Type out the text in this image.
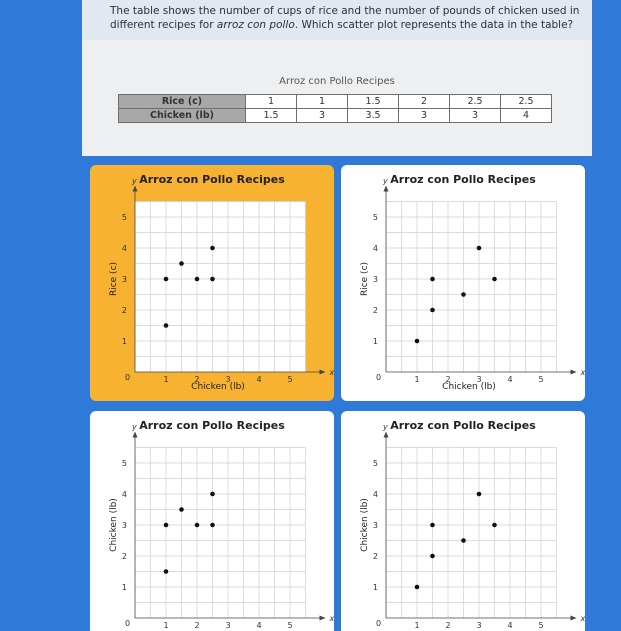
The table shows the number of cups of rice and the number of pounds of chicken used in different recipes for arroz con pollo. Which scatter plot represents the data in the table?
Arroz con Pollo Recipes
Rice (c)	1	1	1.5	2	2.5	2.5
Chicken (lb)	1.5	3	3.5	3	3	4
x
y
0	1	2	3	4	5
1
2
3
4
5
Arroz con Pollo Recipes
Chicken (lb)
Rice (c)
x
y
0	1	2	3	4	5
1
2
3
4
5
Arroz con Pollo Recipes
Chicken (lb)
Rice (c)
x
y
0	1	2	3	4	5
1
2
3
4
5
Arroz con Pollo Recipes
Chicken (lb)
x
y
0	1	2	3	4	5
1
2
3
4
5
Arroz con Pollo Recipes
Chicken (lb)
